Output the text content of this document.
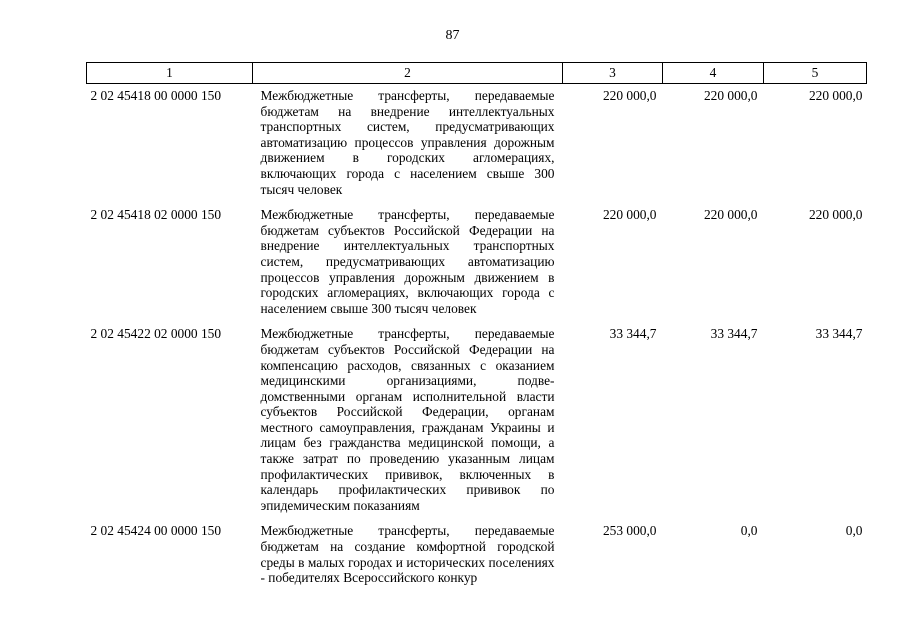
87
1	2	3	4	5
2 02 45418 00 0000 150	Межбюджетные трансферты, передаваемые бюджетам на внедрение интеллектуальных транспортных систем, предусматривающих автоматизацию процессов управления дорожным движением в городских агломерациях, включающих города с населением свыше 300 тысяч человек	220 000,0	220 000,0	220 000,0
2 02 45418 02 0000 150	Межбюджетные трансферты, передаваемые бюджетам субъектов Российской Федерации на внедрение интеллектуальных транспортных систем, предусматривающих автоматизацию процессов управления дорожным движением в городских агломерациях, включающих города с населением свыше 300 тысяч человек	220 000,0	220 000,0	220 000,0
2 02 45422 02 0000 150	Межбюджетные трансферты, передаваемые бюджетам субъектов Российской Федерации на компенсацию расходов, связанных с оказанием медицинскими организациями, подведомственными органам исполнительной власти субъектов Российской Федерации, органам местного самоуправления, гражданам Украины и лицам без гражданства медицинской помощи, а также затрат по проведению указанным лицам профилактических прививок, включенных в календарь профилактических прививок по эпидемическим показаниям	33 344,7	33 344,7	33 344,7
2 02 45424 00 0000 150	Межбюджетные трансферты, передаваемые бюджетам на создание комфортной городской среды в малых городах и исторических поселениях - победителях Всероссийского конкур	253 000,0	0,0	0,0
